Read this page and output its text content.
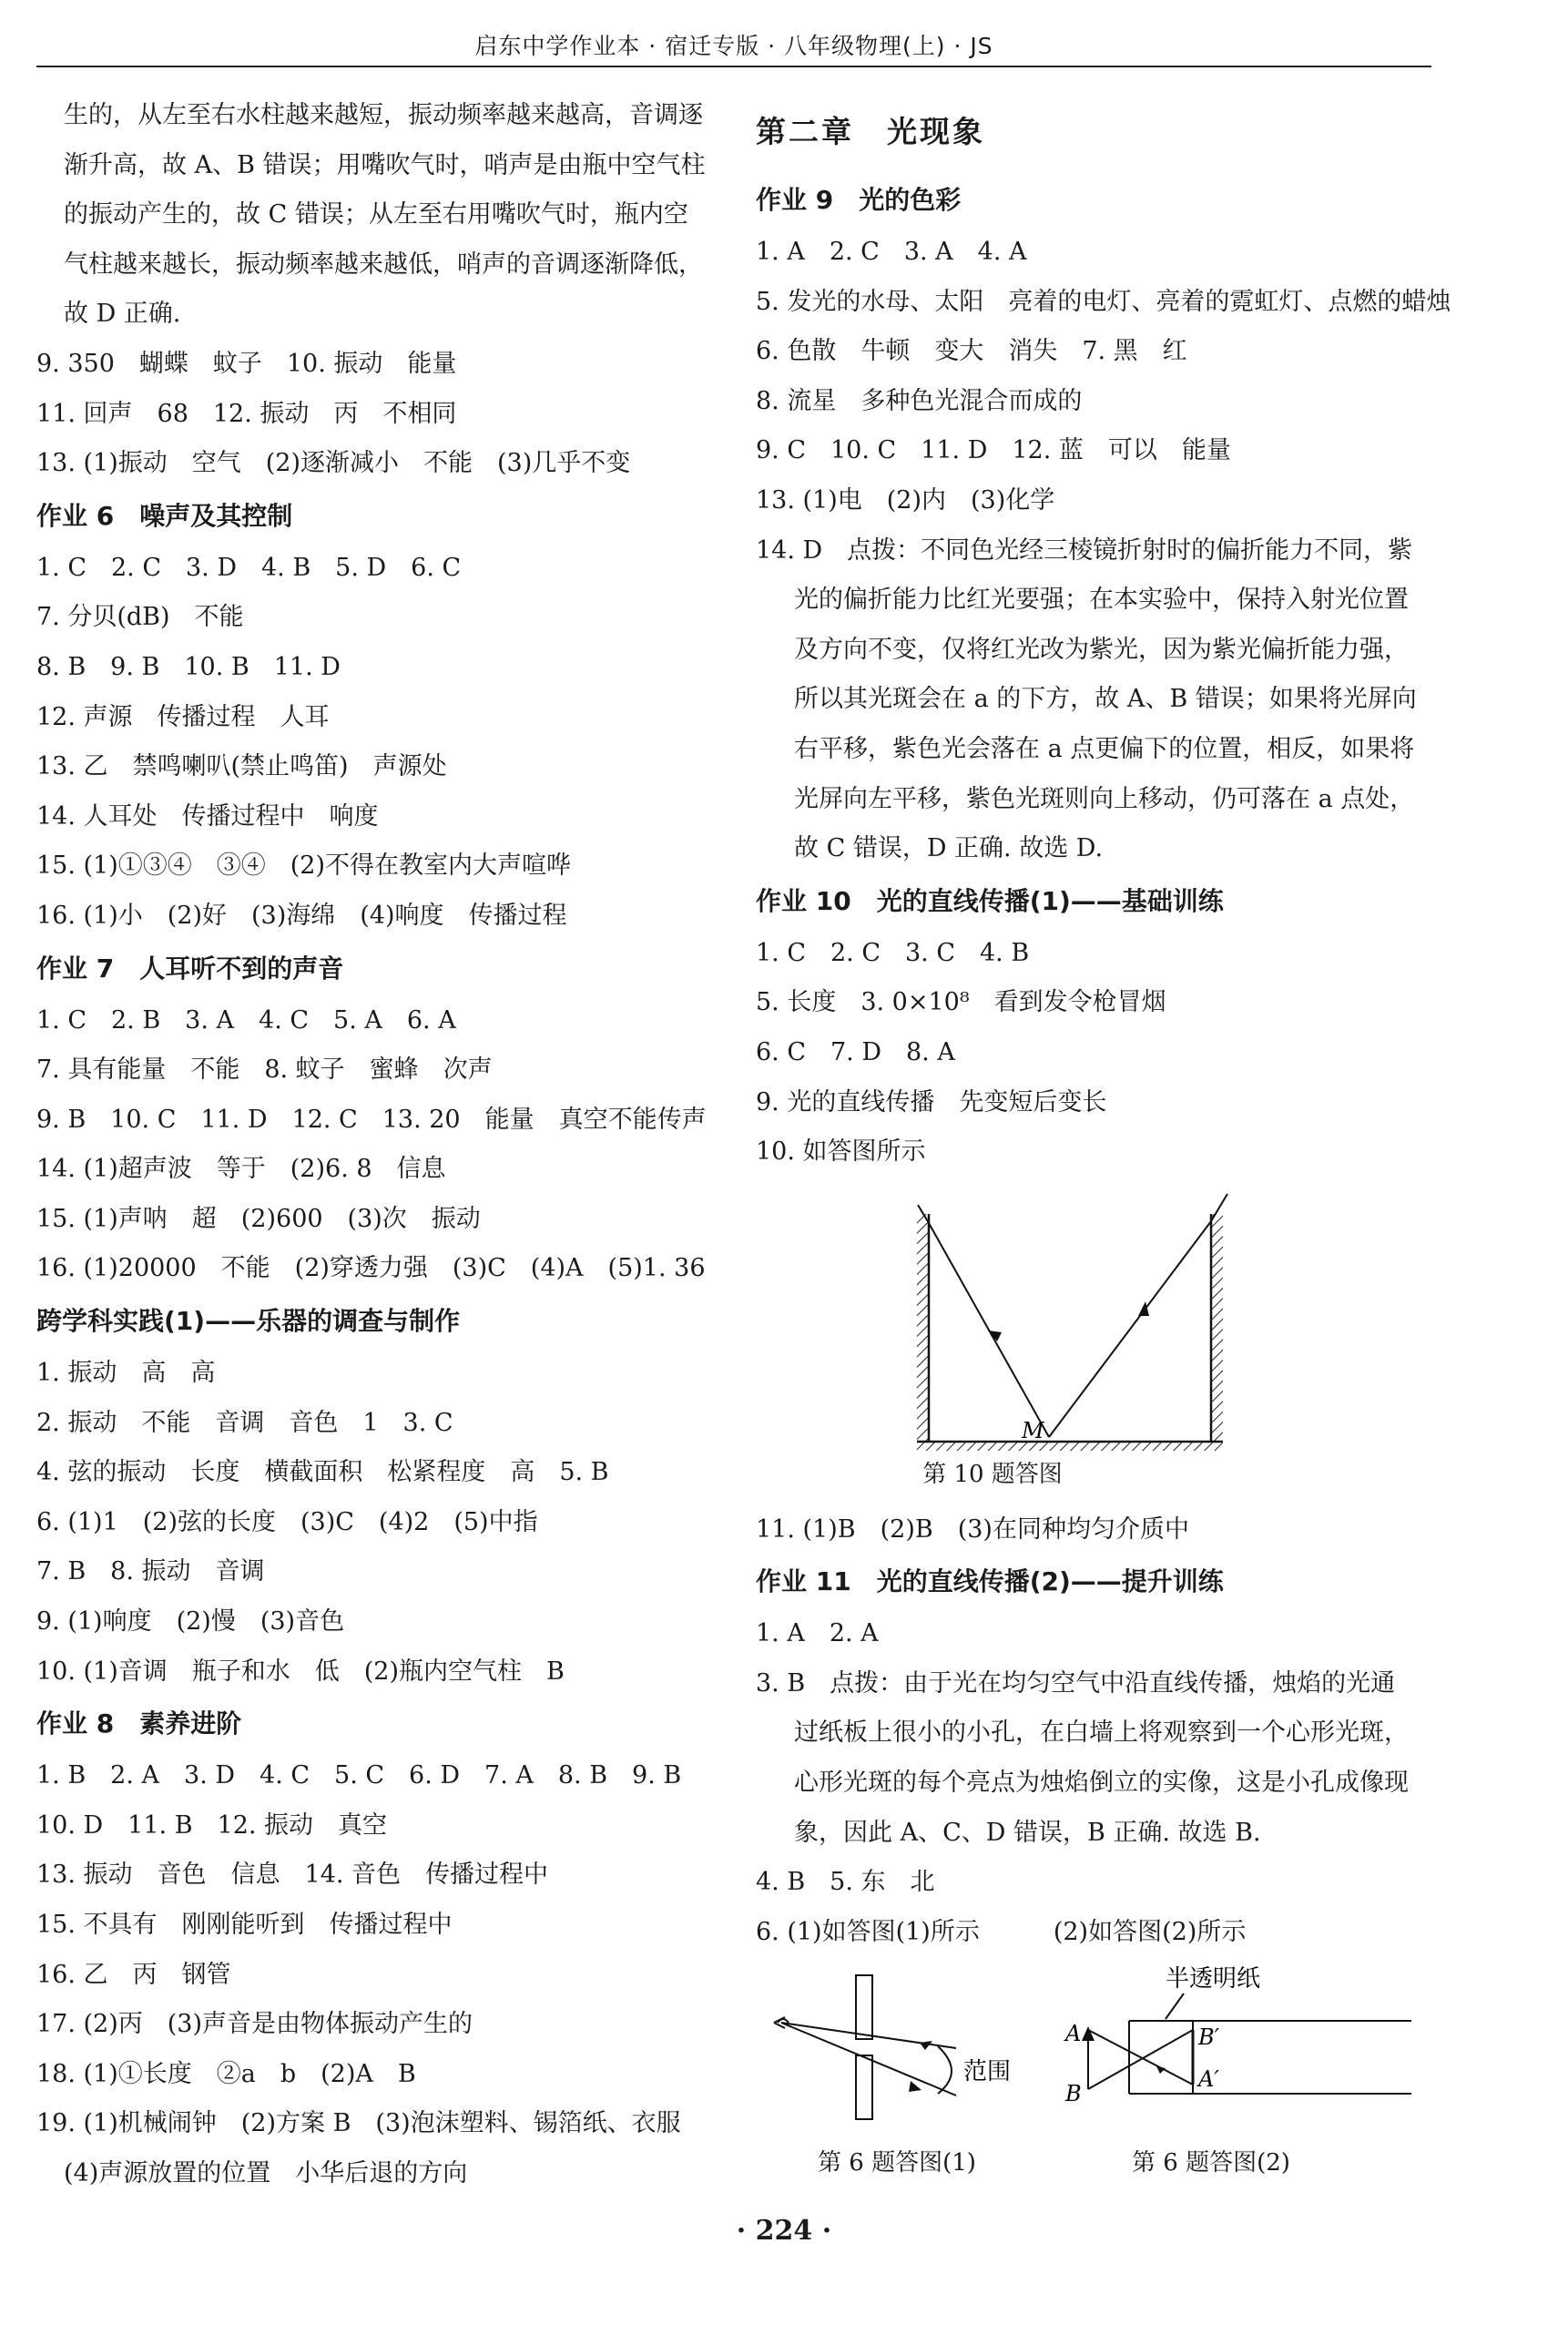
启东中学作业本 · 宿迁专版 · 八年级物理(上) · JS
生的，从左至右水柱越来越短，振动频率越来越高，音调逐
渐升高，故 A、B 错误；用嘴吹气时，哨声是由瓶中空气柱
的振动产生的，故 C 错误；从左至右用嘴吹气时，瓶内空
气柱越来越长，振动频率越来越低，哨声的音调逐渐降低，
故 D 正确.
9. 350　蝴蝶　蚊子　10. 振动　能量
11. 回声　68　12. 振动　丙　不相同
13. (1)振动　空气　(2)逐渐减小　不能　(3)几乎不变
作业 6　噪声及其控制
1. C　2. C　3. D　4. B　5. D　6. C
7. 分贝(dB)　不能
8. B　9. B　10. B　11. D
12. 声源　传播过程　人耳
13. 乙　禁鸣喇叭(禁止鸣笛)　声源处
14. 人耳处　传播过程中　响度
15. (1)①③④　③④　(2)不得在教室内大声喧哗
16. (1)小　(2)好　(3)海绵　(4)响度　传播过程
作业 7　人耳听不到的声音
1. C　2. B　3. A　4. C　5. A　6. A
7. 具有能量　不能　8. 蚊子　蜜蜂　次声
9. B　10. C　11. D　12. C　13. 20　能量　真空不能传声
14. (1)超声波　等于　(2)6. 8　信息
15. (1)声呐　超　(2)600　(3)次　振动
16. (1)20000　不能　(2)穿透力强　(3)C　(4)A　(5)1. 36
跨学科实践(1)——乐器的调查与制作
1. 振动　高　高
2. 振动　不能　音调　音色　1　3. C
4. 弦的振动　长度　横截面积　松紧程度　高　5. B
6. (1)1　(2)弦的长度　(3)C　(4)2　(5)中指
7. B　8. 振动　音调
9. (1)响度　(2)慢　(3)音色
10. (1)音调　瓶子和水　低　(2)瓶内空气柱　B
作业 8　素养进阶
1. B　2. A　3. D　4. C　5. C　6. D　7. A　8. B　9. B
10. D　11. B　12. 振动　真空
13. 振动　音色　信息　14. 音色　传播过程中
15. 不具有　刚刚能听到　传播过程中
16. 乙　丙　钢管
17. (2)丙　(3)声音是由物体振动产生的
18. (1)①长度　②a　b　(2)A　B
19. (1)机械闹钟　(2)方案 B　(3)泡沫塑料、锡箔纸、衣服
(4)声源放置的位置　小华后退的方向
第二章　光现象
作业 9　光的色彩
1. A　2. C　3. A　4. A
5. 发光的水母、太阳　亮着的电灯、亮着的霓虹灯、点燃的蜡烛
6. 色散　牛顿　变大　消失　7. 黑　红
8. 流星　多种色光混合而成的
9. C　10. C　11. D　12. 蓝　可以　能量
13. (1)电　(2)内　(3)化学
14. D　点拨：不同色光经三棱镜折射时的偏折能力不同，紫
光的偏折能力比红光要强；在本实验中，保持入射光位置
及方向不变，仅将红光改为紫光，因为紫光偏折能力强，
所以其光斑会在 a 的下方，故 A、B 错误；如果将光屏向
右平移，紫色光会落在 a 点更偏下的位置，相反，如果将
光屏向左平移，紫色光斑则向上移动，仍可落在 a 点处，
故 C 错误，D 正确. 故选 D.
作业 10　光的直线传播(1)——基础训练
1. C　2. C　3. C　4. B
5. 长度　3. 0×10⁸　看到发令枪冒烟
6. C　7. D　8. A
9. 光的直线传播　先变短后变长
10. 如答图所示
M
第 10 题答图
11. (1)B　(2)B　(3)在同种均匀介质中
作业 11　光的直线传播(2)——提升训练
1. A　2. A
3. B　点拨：由于光在均匀空气中沿直线传播，烛焰的光通
过纸板上很小的小孔，在白墙上将观察到一个心形光斑，
心形光斑的每个亮点为烛焰倒立的实像，这是小孔成像现
象，因此 A、C、D 错误，B 正确. 故选 B.
4. B　5. 东　北
6. (1)如答图(1)所示　　　(2)如答图(2)所示
范围
半透明纸
A
B
B′
A′
第 6 题答图(1)	第 6 题答图(2)
· 224 ·
